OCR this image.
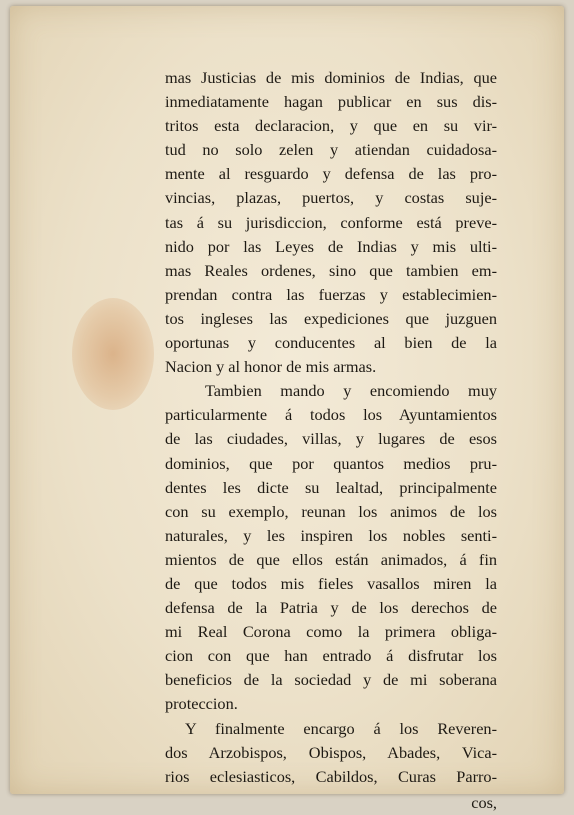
mas Justicias de mis dominios de Indias, que
inmediatamente hagan publicar en sus dis-
tritos esta declaracion, y que en su vir-
tud no solo zelen y atiendan cuidadosa-
mente al resguardo y defensa de las pro-
vincias, plazas, puertos, y costas suje-
tas á su jurisdiccion, conforme está preve-
nido por las Leyes de Indias y mis ulti-
mas Reales ordenes, sino que tambien em-
prendan contra las fuerzas y establecimien-
tos ingleses las expediciones que juzguen
oportunas y conducentes al bien de la
Nacion y al honor de mis armas.
Tambien mando y encomiendo muy
particularmente á todos los Ayuntamientos
de las ciudades, villas, y lugares de esos
dominios, que por quantos medios pru-
dentes les dicte su lealtad, principalmente
con su exemplo, reunan los animos de los
naturales, y les inspiren los nobles senti-
mientos de que ellos están animados, á fin
de que todos mis fieles vasallos miren la
defensa de la Patria y de los derechos de
mi Real Corona como la primera obliga-
cion con que han entrado á disfrutar los
beneficios de la sociedad y de mi soberana
proteccion.
Y finalmente encargo á los Reveren-
dos Arzobispos, Obispos, Abades, Vica-
rios eclesiasticos, Cabildos, Curas Parro-
cos,
